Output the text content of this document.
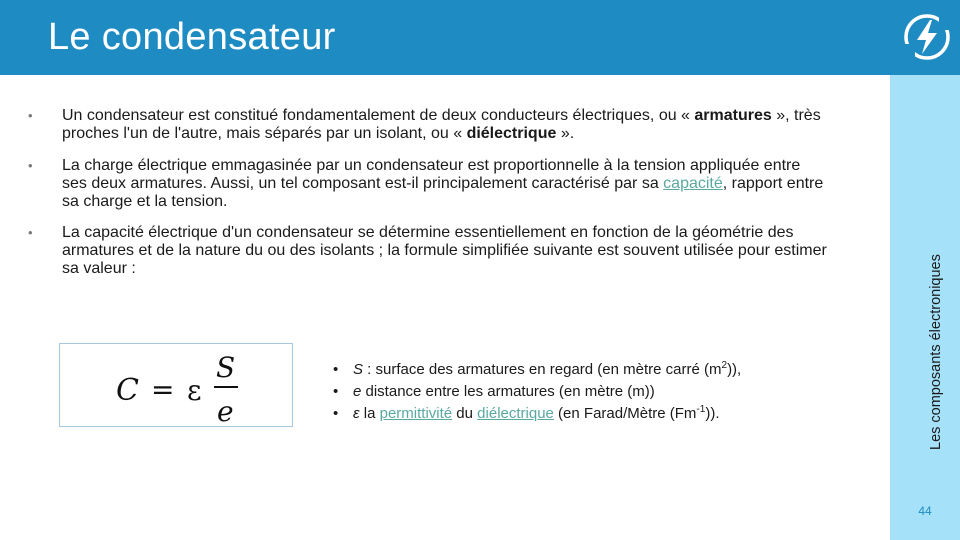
Le condensateur
Les composants électroniques
44
• Un condensateur est constitué fondamentalement de deux conducteurs électriques, ou « armatures », très proches l'un de l'autre, mais séparés par un isolant, ou « diélectrique ».
• La charge électrique emmagasinée par un condensateur est proportionnelle à la tension appliquée entre ses deux armatures. Aussi, un tel composant est-il principalement caractérisé par sa capacité, rapport entre sa charge et la tension.
• La capacité électrique d'un condensateur se détermine essentiellement en fonction de la géométrie des armatures et de la nature du ou des isolants ; la formule simplifiée suivante est souvent utilisée pour estimer sa valeur :
C = ε
S
e
• S : surface des armatures en regard (en mètre carré $(m^2)$),
• e distance entre les armatures (en mètre (m))
• ε la permittivité du diélectrique (en Farad/Mètre $(Fm^{-1})$).
